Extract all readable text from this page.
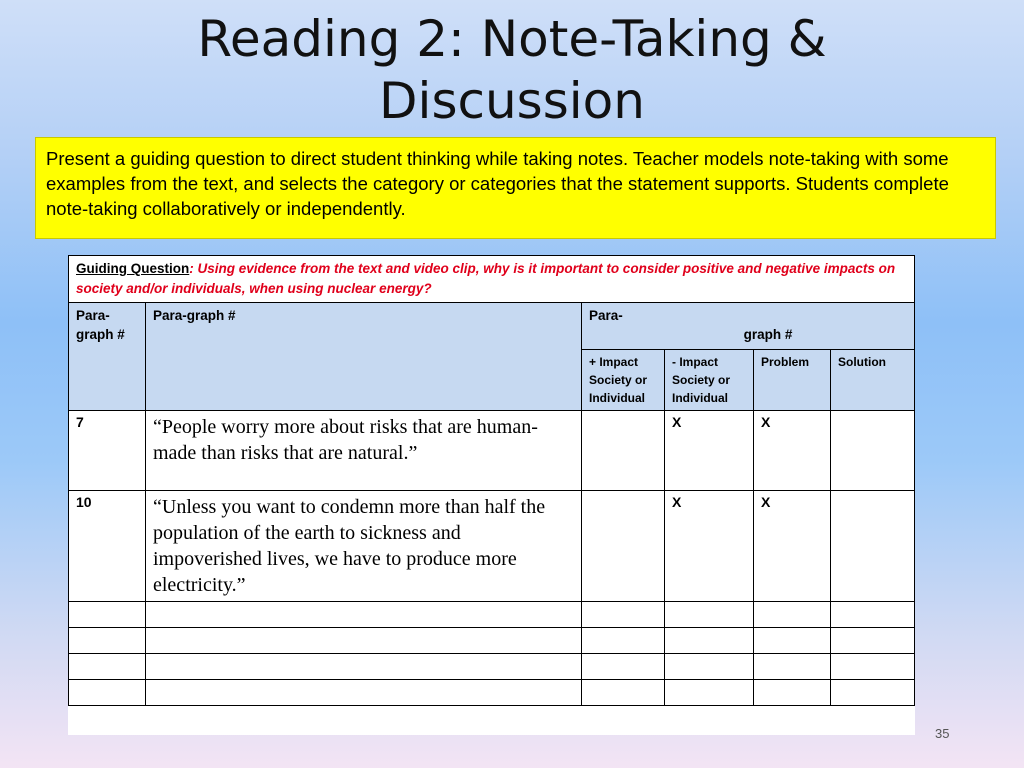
Reading 2: Note-Taking &
Discussion
Present a guiding question to direct student thinking while taking notes. Teacher models note-taking with some examples from the text, and selects the category or categories that the statement supports. Students complete note-taking collaboratively or independently.
Guiding Question: Using evidence from the text and video clip, why is it important to consider positive and negative impacts on society and/or individuals, when using nuclear energy?					
Para-graph #	Para-graph #	Para-
graph #			

		+ Impact Society or Individual	- Impact Society or Individual	Problem	Solution
7	“People worry more about risks that are human-made than risks that are natural.”		X	X	
10	“Unless you want to condemn more than half the population of the earth to sickness and impoverished lives, we have to produce more electricity.”		X	X	

35
